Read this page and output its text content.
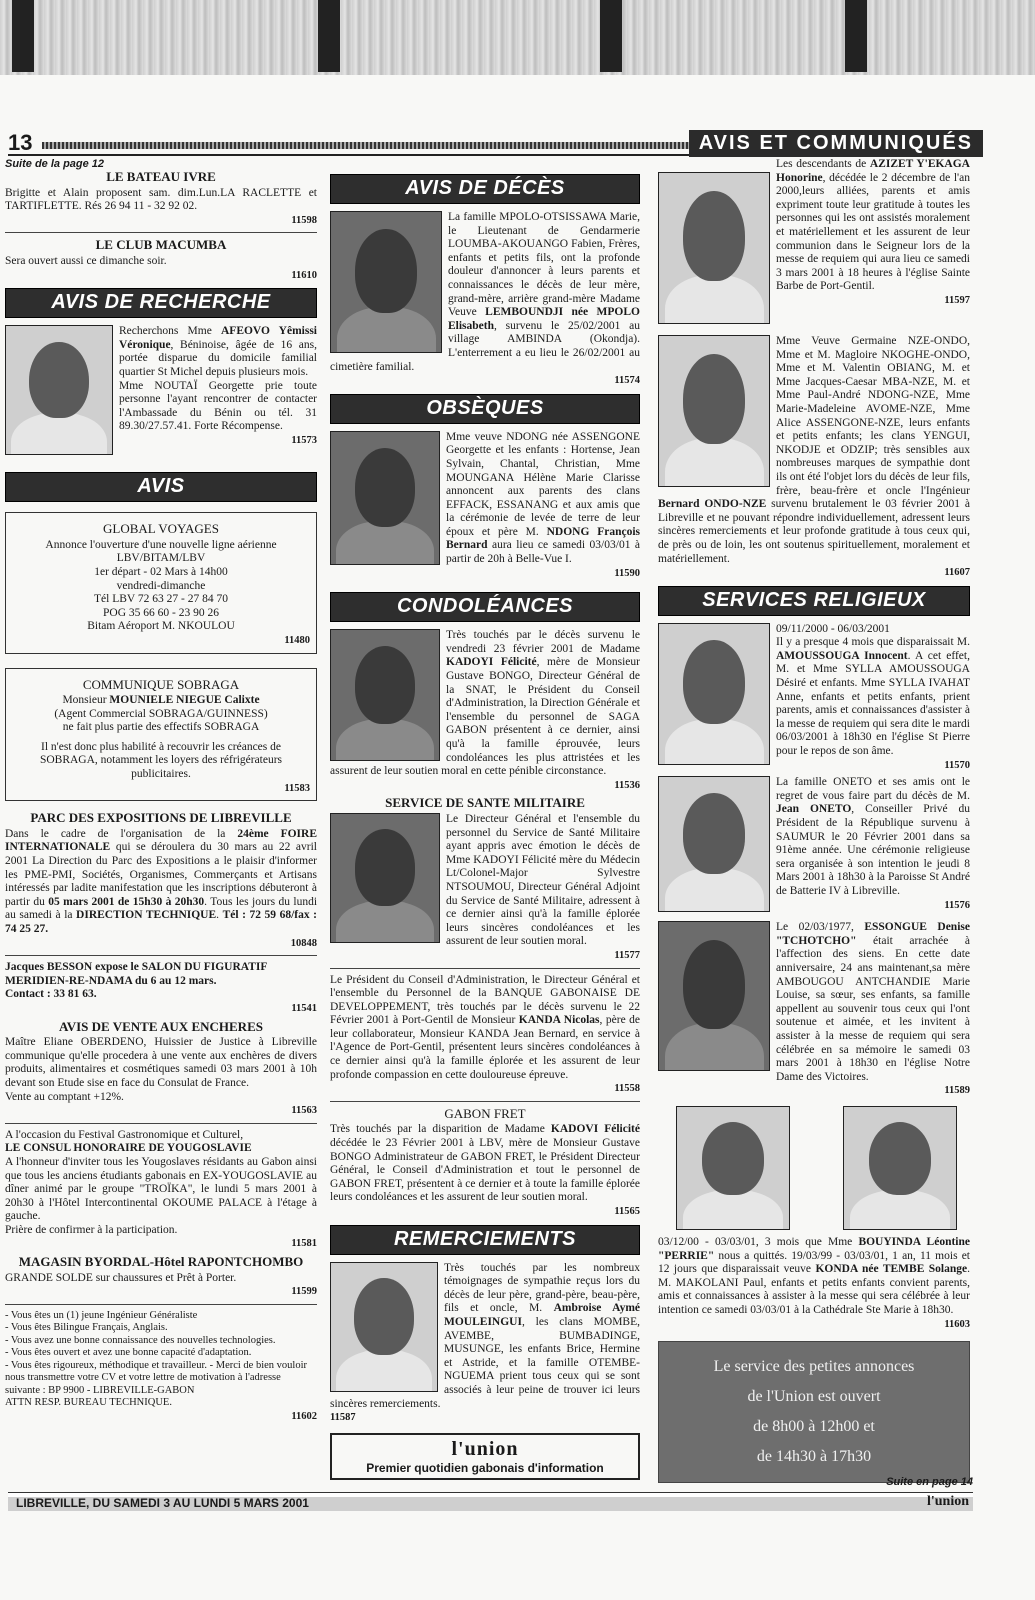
13	AVIS ET COMMUNIQUÉS
Suite de la page 12
LE BATEAU IVRE
Brigitte et Alain proposent sam. dim.Lun.LA RACLETTE et TARTIFLETTE. Rés 26 94 11 - 32 92 02.
11598
LE CLUB MACUMBA
Sera ouvert aussi ce dimanche soir.
11610
AVIS DE RECHERCHE
Recherchons Mme AFEOVO Yêmissi Véronique, Béninoise, âgée de 16 ans, portée disparue du domicile familial quartier St Michel depuis plusieurs mois.
Mme NOUTAÏ Georgette prie toute personne l'ayant rencontrer de contacter l'Ambassade du Bénin ou tél. 31 89.30/27.57.41. Forte Récompense.
11573
AVIS
GLOBAL VOYAGES
Annonce l'ouverture d'une nouvelle ligne aérienne
LBV/BITAM/LBV
1er départ - 02 Mars à 14h00
vendredi-dimanche
Tél LBV 72 63 27 - 27 84 70
POG 35 66 60 - 23 90 26
Bitam Aéroport M. NKOULOU
11480
COMMUNIQUE SOBRAGA
Monsieur MOUNIELE NIEGUE Calixte
(Agent Commercial SOBRAGA/GUINNESS)
ne fait plus partie des effectifs SOBRAGA
Il n'est donc plus habilité à recouvrir les créances de SOBRAGA, notamment les loyers des réfrigérateurs publicitaires.
11583
PARC DES EXPOSITIONS DE LIBREVILLE
Dans le cadre de l'organisation de la 24ème FOIRE INTERNATIONALE qui se déroulera du 30 mars au 22 avril 2001 La Direction du Parc des Expositions a le plaisir d'informer les PME-PMI, Sociétés, Organismes, Commerçants et Artisans intéressés par ladite manifestation que les inscriptions débuteront à partir du 05 mars 2001 de 15h30 à 20h30. Tous les jours du lundi au samedi à la DIRECTION TECHNIQUE. Tél : 72 59 68/fax : 74 25 27.
10848
Jacques BESSON expose le SALON DU FIGURATIF MERIDIEN-RE-NDAMA du 6 au 12 mars.
Contact : 33 81 63.
11541
AVIS DE VENTE AUX ENCHERES
Maître Eliane OBERDENO, Huissier de Justice à Libreville communique qu'elle procedera à une vente aux enchères de divers produits, alimentaires et cosmétiques samedi 03 mars 2001 à 10h devant son Etude sise en face du Consulat de France.
Vente au comptant +12%.
11563
A l'occasion du Festival Gastronomique et Culturel,
LE CONSUL HONORAIRE DE YOUGOSLAVIE
A l'honneur d'inviter tous les Yougoslaves résidants au Gabon ainsi que tous les anciens étudiants gabonais en EX-YOUGOSLAVIE au dîner animé par le groupe "TROÏKA", le lundi 5 mars 2001 à 20h30 à l'Hôtel Intercontinental OKOUME PALACE à l'étage à gauche.
Prière de confirmer à la participation.
11581
MAGASIN BYORDAL-Hôtel RAPONTCHOMBO
GRANDE SOLDE sur chaussures et Prêt à Porter.
11599
- Vous êtes un (1) jeune Ingénieur Généraliste
- Vous êtes Bilingue Français, Anglais.
- Vous avez une bonne connaissance des nouvelles technologies.
- Vous êtes ouvert et avez une bonne capacité d'adaptation.
- Vous êtes rigoureux, méthodique et travailleur. - Merci de bien vouloir nous transmettre votre CV et votre lettre de motivation à l'adresse suivante : BP 9900 - LIBREVILLE-GABON
ATTN RESP. BUREAU TECHNIQUE.
11602
AVIS DE DÉCÈS
La famille MPOLO-OTSISSAWA Marie, le Lieutenant de Gendarmerie LOUMBA-AKOUANGO Fabien, Frères, enfants et petits fils, ont la profonde douleur d'annoncer à leurs parents et connaissances le décès de leur mère, grand-mère, arrière grand-mère Madame Veuve LEMBOUNDJI née MPOLO Elisabeth, survenu le 25/02/2001 au village AMBINDA (Okondja). L'enterrement a eu lieu le 26/02/2001 au cimetière familial.
11574
OBSÈQUES
Mme veuve NDONG née ASSENGONE Georgette et les enfants : Hortense, Jean Sylvain, Chantal, Christian, Mme MOUNGANA Hélène Marie Clarisse annoncent aux parents des clans EFFACK, ESSANANG et aux amis que la cérémonie de levée de terre de leur époux et père M. NDONG François Bernard aura lieu ce samedi 03/03/01 à partir de 20h à Belle-Vue I.
11590
CONDOLÉANCES
Très touchés par le décès survenu le vendredi 23 février 2001 de Madame KADOYI Félicité, mère de Monsieur Gustave BONGO, Directeur Général de la SNAT, le Président du Conseil d'Administration, la Direction Générale et l'ensemble du personnel de SAGA GABON présentent à ce dernier, ainsi qu'à la famille éprouvée, leurs condoléances les plus attristées et les assurent de leur soutien moral en cette pénible circonstance.
11536
SERVICE DE SANTE MILITAIRE
Le Directeur Général et l'ensemble du personnel du Service de Santé Militaire ayant appris avec émotion le décès de Mme KADOYI Félicité mère du Médecin Lt/Colonel-Major Sylvestre NTSOUMOU, Directeur Général Adjoint du Service de Santé Militaire, adressent à ce dernier ainsi qu'à la famille éplorée leurs sincères condoléances et les assurent de leur soutien moral.
11577
Le Président du Conseil d'Administration, le Directeur Général et l'ensemble du Personnel de la BANQUE GABONAISE DE DEVELOPPEMENT, très touchés par le décès survenu le 22 Février 2001 à Port-Gentil de Monsieur KANDA Nicolas, père de leur collaborateur, Monsieur KANDA Jean Bernard, en service à l'Agence de Port-Gentil, présentent leurs sincères condoléances à ce dernier ainsi qu'à la famille éplorée et les assurent de leur profonde compassion en cette douloureuse épreuve.
11558
GABON FRET
Très touchés par la disparition de Madame KADOVI Félicité décédée le 23 Février 2001 à LBV, mère de Monsieur Gustave BONGO Administrateur de GABON FRET, le Président Directeur Général, le Conseil d'Administration et tout le personnel de GABON FRET, présentent à ce dernier et à toute la famille éplorée leurs condoléances et les assurent de leur soutien moral.
11565
REMERCIEMENTS
Très touchés par les nombreux témoignages de sympathie reçus lors du décès de leur père, grand-père, beau-père, fils et oncle, M. Ambroise Aymé MOULEINGUI, les clans MOMBE, AVEMBE, BUMBADINGE, MUSUNGE, les enfants Brice, Hermine et Astride, et la famille OTEMBE-NGUEMA prient tous ceux qui se sont associés à leur peine de trouver ici leurs sincères remerciements.
11587
l'union
Premier quotidien gabonais d'information
Les descendants de AZIZET Y'EKAGA Honorine, décédée le 2 décembre de l'an 2000,leurs alliées, parents et amis expriment toute leur gratitude à toutes les personnes qui les ont assistés moralement et matériellement et les assurent de leur communion dans le Seigneur lors de la messe de requiem qui aura lieu ce samedi 3 mars 2001 à 18 heures à l'église Sainte Barbe de Port-Gentil.
11597
Mme Veuve Germaine NZE-ONDO, Mme et M. Magloire NKOGHE-ONDO, Mme et M. Valentin OBIANG, M. et Mme Jacques-Caesar MBA-NZE, M. et Mme Paul-André NDONG-NZE, Mme Marie-Madeleine AVOME-NZE, Mme Alice ASSENGONE-NZE, leurs enfants et petits enfants; les clans YENGUI, NKODJE et ODZIP; très sensibles aux nombreuses marques de sympathie dont ils ont été l'objet lors du décès de leur fils, frère, beau-frère et oncle l'Ingénieur Bernard ONDO-NZE survenu brutalement le 03 février 2001 à Libreville et ne pouvant répondre individuellement, adressent leurs sincères remerciements et leur profonde gratitude à tous ceux qui, de près ou de loin, les ont soutenus spirituellement, moralement et matériellement.
11607
SERVICES RELIGIEUX
09/11/2000 - 06/03/2001
Il y a presque 4 mois que disparaissait M. AMOUSSOUGA Innocent. A cet effet, M. et Mme SYLLA AMOUSSOUGA Désiré et enfants. Mme SYLLA IVAHAT Anne, enfants et petits enfants, prient parents, amis et connaissances d'assister à la messe de requiem qui sera dite le mardi 06/03/2001 à 18h30 en l'église St Pierre pour le repos de son âme.
11570
La famille ONETO et ses amis ont le regret de vous faire part du décès de M. Jean ONETO, Conseiller Privé du Président de la République survenu à SAUMUR le 20 Février 2001 dans sa 91ème année. Une cérémonie religieuse sera organisée à son intention le jeudi 8 Mars 2001 à 18h30 à la Paroisse St André de Batterie IV à Libreville.
11576
Le 02/03/1977, ESSONGUE Denise "TCHOTCHO" était arrachée à l'affection des siens. En cette date anniversaire, 24 ans maintenant,sa mère AMBOUGOU ANTCHANDIE Marie Louise, sa sœur, ses enfants, sa famille appellent au souvenir tous ceux qui l'ont soutenue et aimée, et les invitent à assister à la messe de requiem qui sera célébrée en sa mémoire le samedi 03 mars 2001 à 18h30 en l'église Notre Dame des Victoires.
11589
03/12/00 - 03/03/01, 3 mois que Mme BOUYINDA Léontine "PERRIE" nous a quittés. 19/03/99 - 03/03/01, 1 an, 11 mois et 12 jours que disparaissait veuve KONDA née TEMBE Solange. M. MAKOLANI Paul, enfants et petits enfants convient parents, amis et connaissances à assister à la messe qui sera célébrée à leur intention ce samedi 03/03/01 à la Cathédrale Ste Marie à 18h30.
11603
Le service des petites annonces
de l'Union est ouvert
de 8h00 à 12h00 et
de 14h30 à 17h30
Suite en page 14
LIBREVILLE, DU SAMEDI 3 AU LUNDI 5 MARS 2001	l'union
